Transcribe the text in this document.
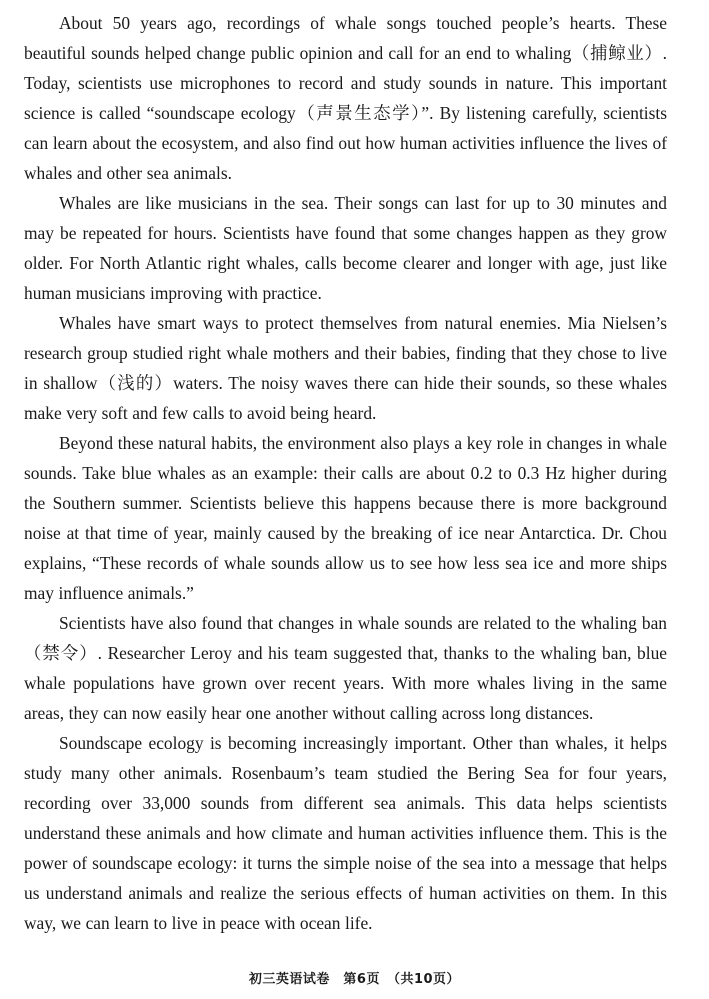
About 50 years ago, recordings of whale songs touched people’s hearts. These beautiful sounds helped change public opinion and call for an end to whaling（捕鲸业）. Today, scientists use microphones to record and study sounds in nature. This important science is called “soundscape ecology（声景生态学）”. By listening carefully, scientists can learn about the ecosystem, and also find out how human activities influence the lives of whales and other sea animals.

Whales are like musicians in the sea. Their songs can last for up to 30 minutes and may be repeated for hours. Scientists have found that some changes happen as they grow older. For North Atlantic right whales, calls become clearer and longer with age, just like human musicians improving with practice.

Whales have smart ways to protect themselves from natural enemies. Mia Nielsen’s research group studied right whale mothers and their babies, finding that they chose to live in shallow（浅的）waters. The noisy waves there can hide their sounds, so these whales make very soft and few calls to avoid being heard.

Beyond these natural habits, the environment also plays a key role in changes in whale sounds. Take blue whales as an example: their calls are about 0.2 to 0.3 Hz higher during the Southern summer. Scientists believe this happens because there is more background noise at that time of year, mainly caused by the breaking of ice near Antarctica. Dr. Chou explains, “These records of whale sounds allow us to see how less sea ice and more ships may influence animals.”

Scientists have also found that changes in whale sounds are related to the whaling ban（禁令）. Researcher Leroy and his team suggested that, thanks to the whaling ban, blue whale populations have grown over recent years. With more whales living in the same areas, they can now easily hear one another without calling across long distances.

Soundscape ecology is becoming increasingly important. Other than whales, it helps study many other animals. Rosenbaum’s team studied the Bering Sea for four years, recording over 33,000 sounds from different sea animals. This data helps scientists understand these animals and how climate and human activities influence them. This is the power of soundscape ecology: it turns the simple noise of the sea into a message that helps us understand animals and realize the serious effects of human activities on them. In this way, we can learn to live in peace with ocean life.

初三英语试卷　第6页　（共10页）
